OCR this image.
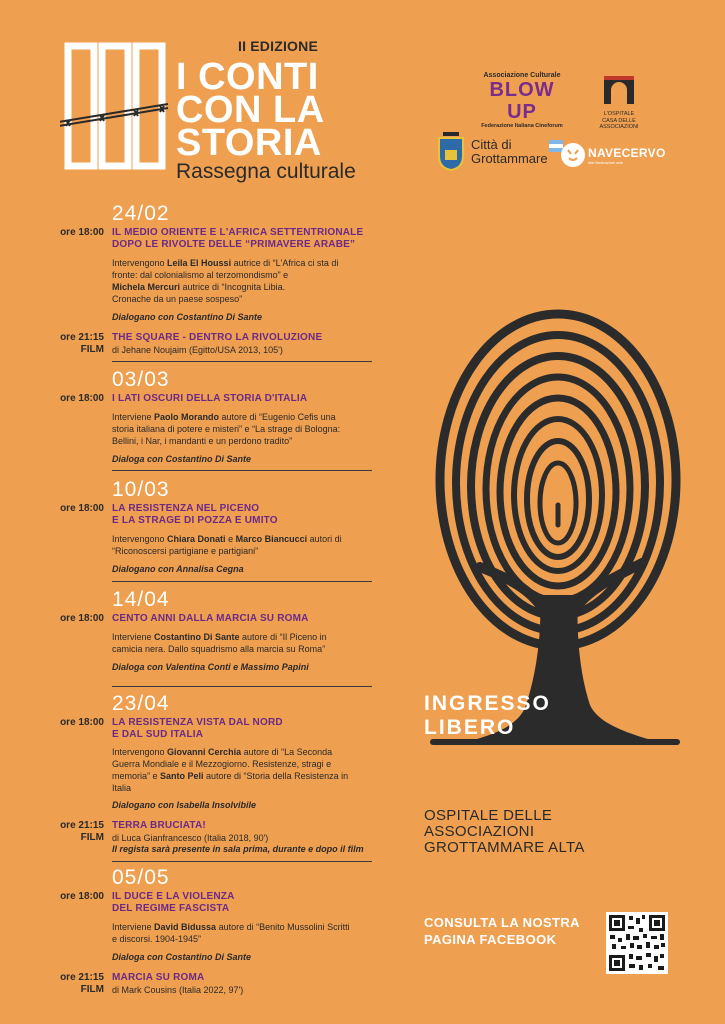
II EDIZIONE
I CONTI
CON LA
STORIA
Rassegna culturale
Associazione Culturale
BLOW UP
Federazione Italiana Cineforum
L'OSPITALE
CASA DELLE
ASSOCIAZIONI
Città di
Grottammare	NAVECERVO
libri illustrazioni arte
24/02
ore 18:00 IL MEDIO ORIENTE E L'AFRICA SETTENTRIONALE
DOPO LE RIVOLTE DELLE “PRIMAVERE ARABE”
Intervengono Leila El Houssi autrice di “L'Africa ci sta di
fronte: dal colonialismo al terzomondismo” e
Michela Mercuri autrice di “Incognita Libia.
Cronache da un paese sospeso”
Dialogano con Costantino Di Sante
ore 21:15
FILM
THE SQUARE - DENTRO LA RIVOLUZIONE
di Jehane Noujaim (Egitto/USA 2013, 105')
03/03
ore 18:00 I LATI OSCURI DELLA STORIA D'ITALIA
Interviene Paolo Morando autore di “Eugenio Cefis una
storia italiana di potere e misteri” e “La strage di Bologna:
Bellini, i Nar, i mandanti e un perdono tradito”
Dialoga con Costantino Di Sante
10/03
ore 18:00 LA RESISTENZA NEL PICENO
E LA STRAGE DI POZZA E UMITO
Intervengono Chiara Donati e Marco Biancucci autori di
“Riconoscersi partigiane e partigiani”
Dialogano con Annalisa Cegna
14/04
ore 18:00 CENTO ANNI DALLA MARCIA SU ROMA
Interviene Costantino Di Sante autore di “Il Piceno in
camicia nera. Dallo squadrismo alla marcia su Roma”
Dialoga con Valentina Conti e Massimo Papini
23/04
ore 18:00 LA RESISTENZA VISTA DAL NORD
E DAL SUD ITALIA
Intervengono Giovanni Cerchia autore di “La Seconda
Guerra Mondiale e il Mezzogiorno. Resistenze, stragi e
memoria” e Santo Peli autore di “Storia della Resistenza in
Italia
Dialogano con Isabella Insolvibile
ore 21:15
FILM
TERRA BRUCIATA!
di Luca Gianfrancesco (Italia 2018, 90')
Il regista sarà presente in sala prima, durante e dopo il film
05/05
ore 18:00 IL DUCE E LA VIOLENZA
DEL REGIME FASCISTA
Interviene David Bidussa autore di “Benito Mussolini Scritti
e discorsi. 1904-1945”
Dialoga con Costantino Di Sante
ore 21:15
FILM
MARCIA SU ROMA
di Mark Cousins (Italia 2022, 97')
INGRESSO
LIBERO
OSPITALE DELLE
ASSOCIAZIONI
GROTTAMMARE ALTA
CONSULTA LA NOSTRA
PAGINA FACEBOOK
